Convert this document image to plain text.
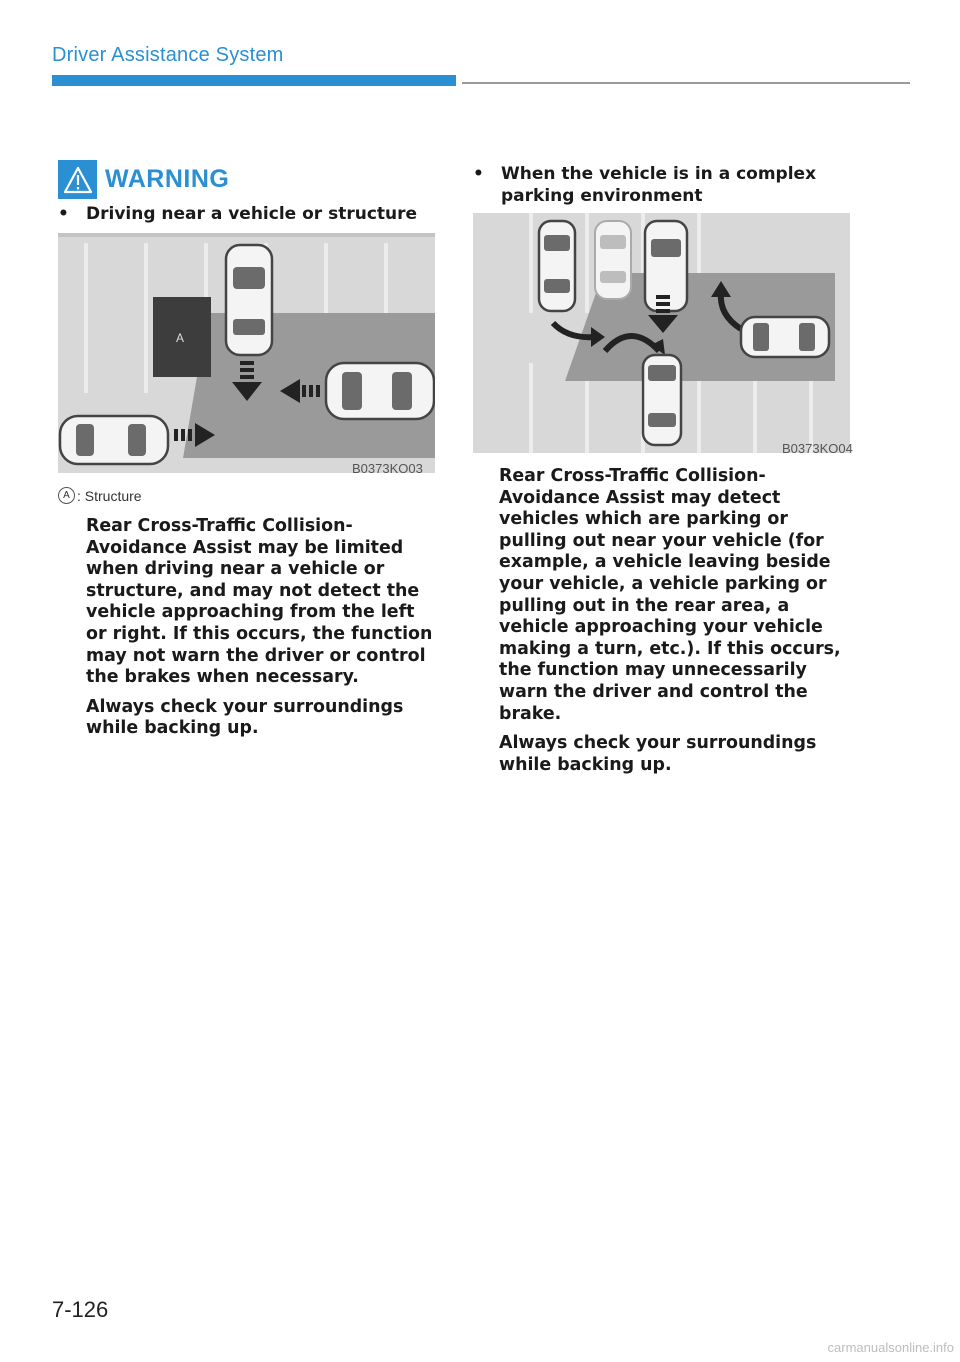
Driver Assistance System
WARNING
• Driving near a vehicle or structure
A
B0373KO03
A : Structure

Rear Cross-Traffic Collision-Avoidance Assist may be limited when driving near a vehicle or structure, and may not detect the vehicle approaching from the left or right. If this occurs, the function may not warn the driver or control the brakes when necessary.

Always check your surroundings while backing up.

• When the vehicle is in a complex parking environment
B0373KO04

Rear Cross-Traffic Collision-Avoidance Assist may detect vehicles which are parking or pulling out near your vehicle (for example, a vehicle leaving beside your vehicle, a vehicle parking or pulling out in the rear area, a vehicle approaching your vehicle making a turn, etc.). If this occurs, the function may unnecessarily warn the driver and control the brake.

Always check your surroundings while backing up.

7-126
carmanualsonline.info
